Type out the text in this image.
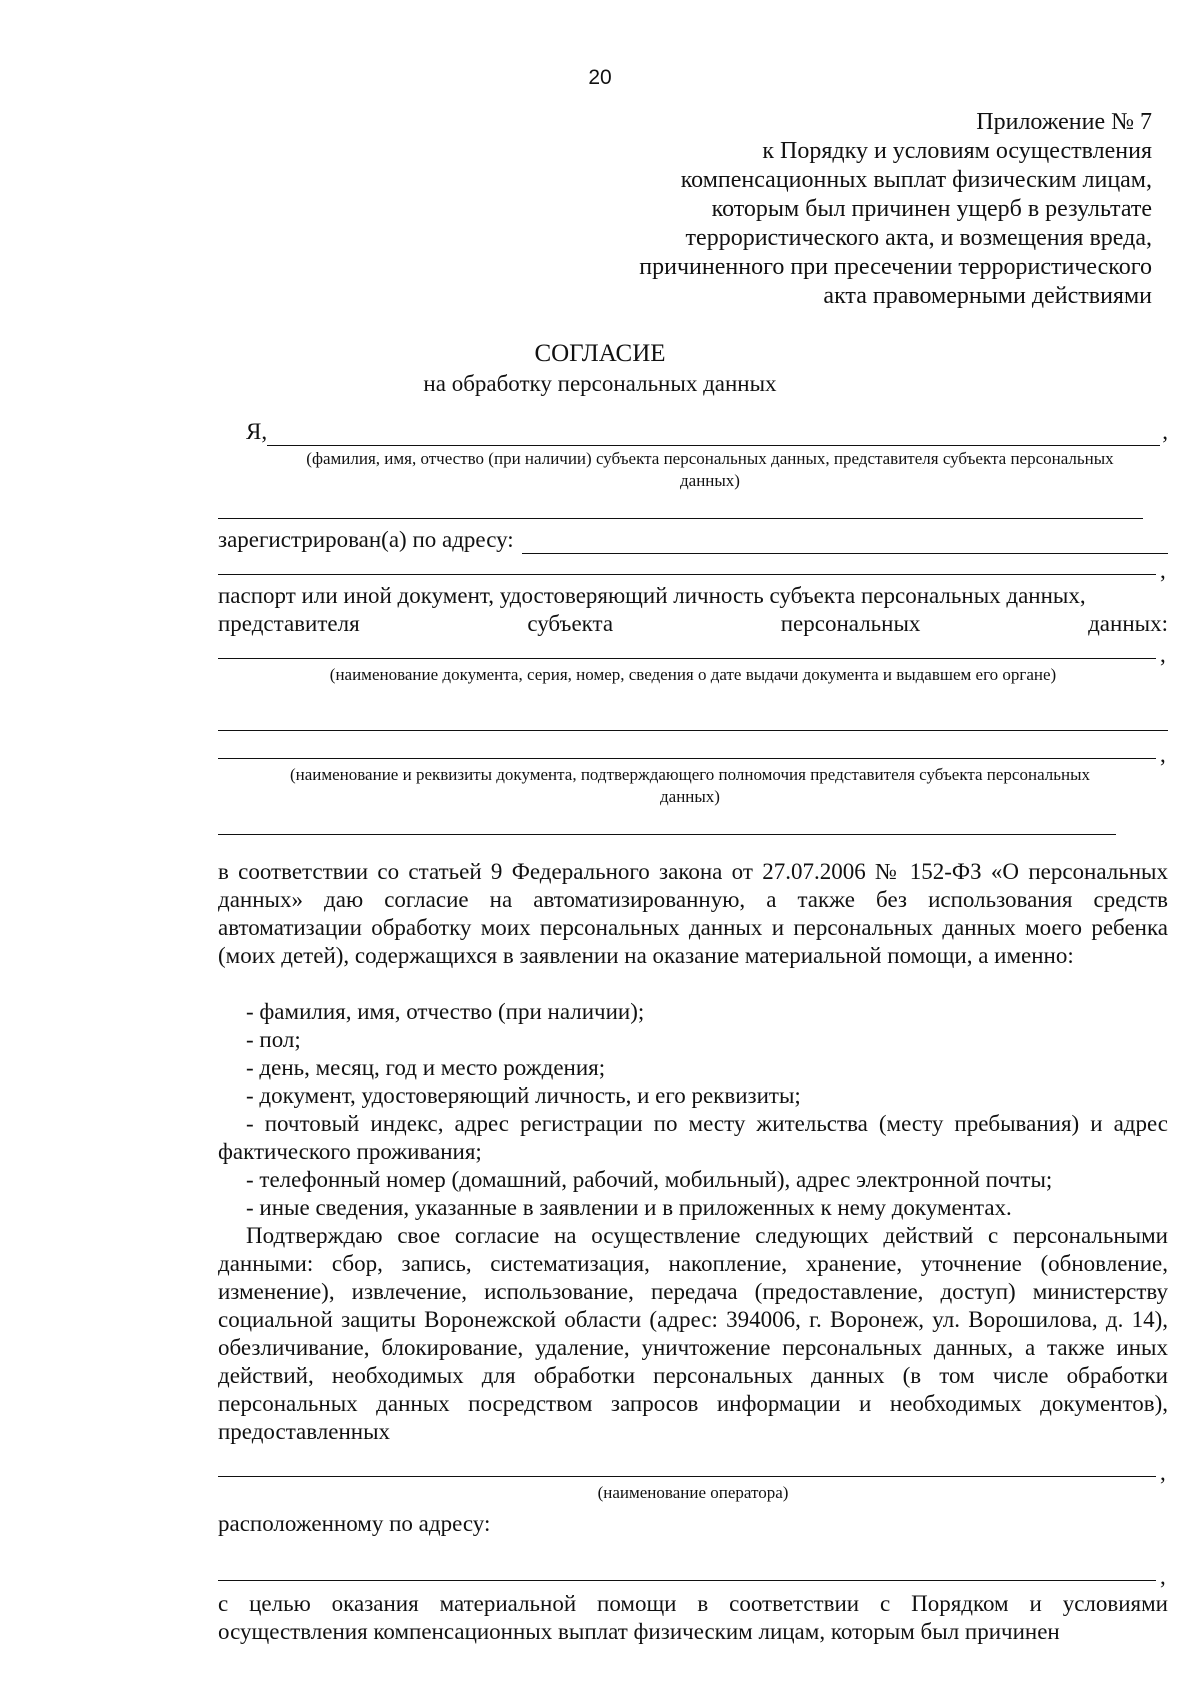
20
Приложение № 7
к Порядку и условиям осуществления
компенсационных выплат физическим лицам,
которым был причинен ущерб в результате
террористического акта, и возмещения вреда,
причиненного при пресечении террористического
акта правомерными действиями
СОГЛАСИЕ
на обработку персональных данных
Я,	,
(фамилия, имя, отчество (при наличии) субъекта персональных данных, представителя субъекта персональных данных)
зарегистрирован(а) по адресу:
,
паспорт или иной документ, удостоверяющий личность субъекта персональных данных,
представителя	субъекта	персональных	данных:
,
(наименование документа, серия, номер, сведения о дате выдачи документа и выдавшем его органе)
,
(наименование и реквизиты документа, подтверждающего полномочия представителя субъекта персональных данных)
в соответствии со статьей 9 Федерального закона от 27.07.2006 № 152-ФЗ «О персональных данных» даю согласие на автоматизированную, а также без использования средств автоматизации обработку моих персональных данных и персональных данных моего ребенка (моих детей), содержащихся в заявлении на оказание материальной помощи, а именно:
- фамилия, имя, отчество (при наличии);
- пол;
- день, месяц, год и место рождения;
- документ, удостоверяющий личность, и его реквизиты;
- почтовый индекс, адрес регистрации по месту жительства (месту пребывания) и адрес фактического проживания;
- телефонный номер (домашний, рабочий, мобильный), адрес электронной почты;
- иные сведения, указанные в заявлении и в приложенных к нему документах.
Подтверждаю свое согласие на осуществление следующих действий с персональными данными: сбор, запись, систематизация, накопление, хранение, уточнение (обновление, изменение), извлечение, использование, передача (предоставление, доступ) министерству социальной защиты Воронежской области (адрес: 394006, г. Воронеж, ул. Ворошилова, д. 14), обезличивание, блокирование, удаление, уничтожение персональных данных, а также иных действий, необходимых для обработки персональных данных (в том числе обработки персональных данных посредством запросов информации и необходимых документов), предоставленных
,
(наименование оператора)
расположенному по адресу:
,
с целью оказания материальной помощи в соответствии с Порядком и условиями осуществления компенсационных выплат физическим лицам, которым был причинен
